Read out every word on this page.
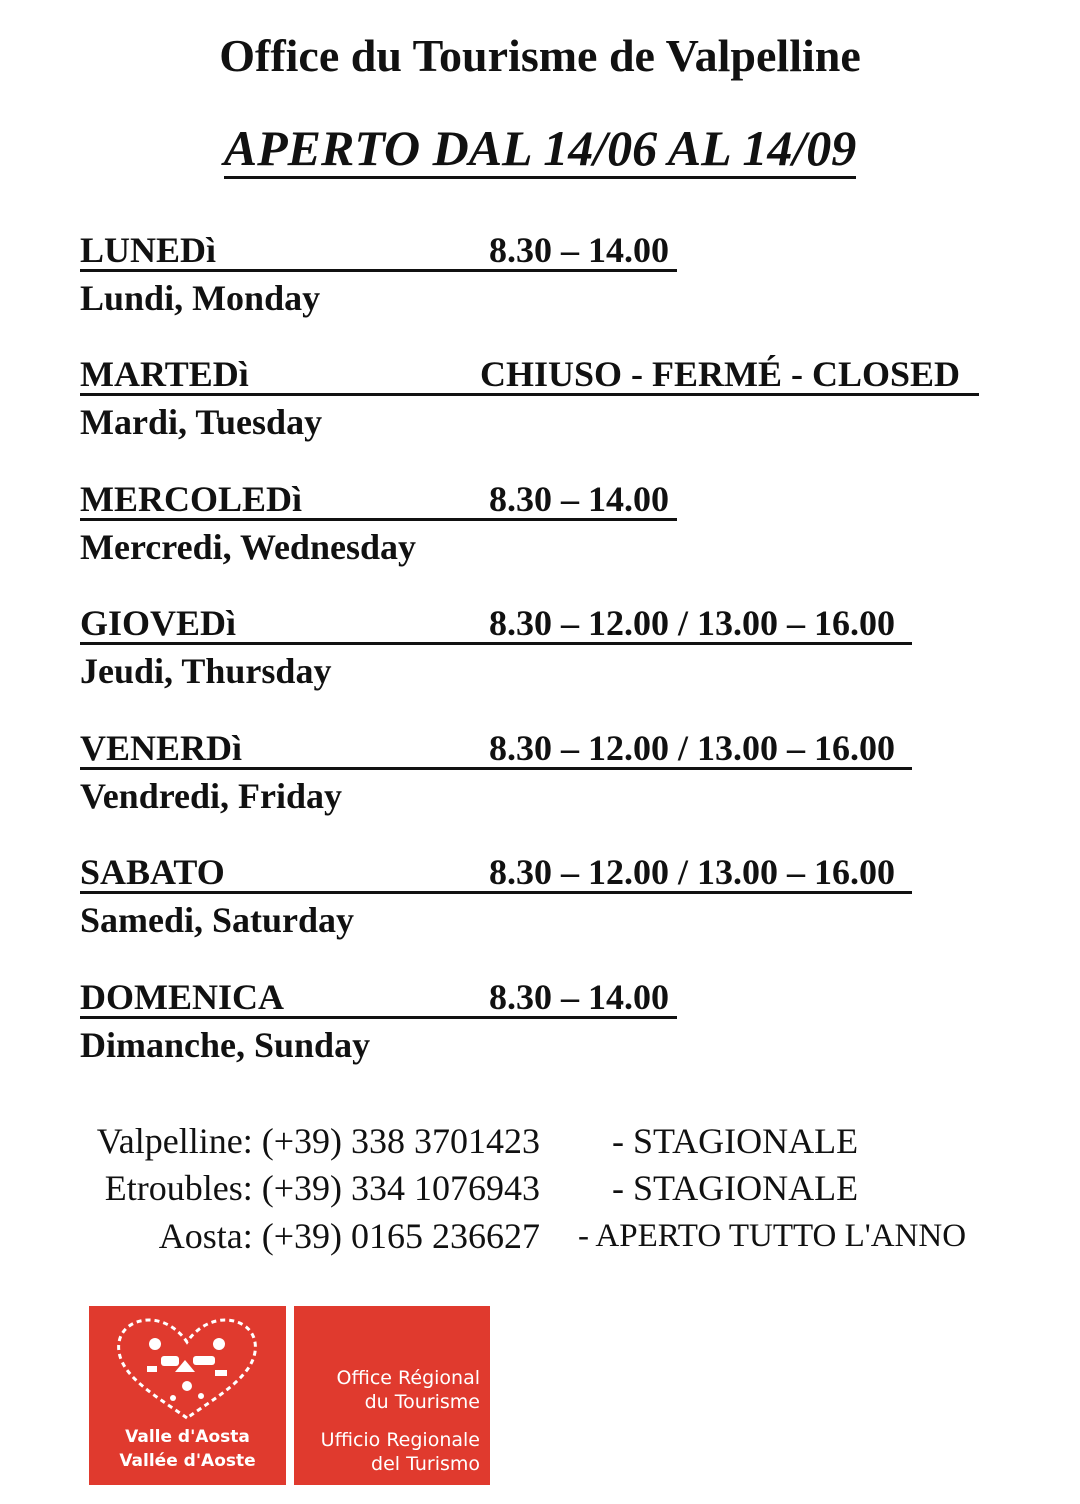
Office du Tourisme de Valpelline
APERTO DAL 14/06 AL 14/09
LUNEDì	8.30 – 14.00
Lundi, Monday
MARTEDì	CHIUSO - FERMÉ - CLOSED
Mardi, Tuesday
MERCOLEDì	8.30 – 14.00
Mercredi, Wednesday
GIOVEDì	8.30 – 12.00 / 13.00 – 16.00
Jeudi, Thursday
VENERDì	8.30 – 12.00 / 13.00 – 16.00
Vendredi, Friday
SABATO	8.30 – 12.00 / 13.00 – 16.00
Samedi, Saturday
DOMENICA	8.30 – 14.00
Dimanche, Sunday
Valpelline: (+39) 338 3701423 - STAGIONALE
Etroubles: (+39) 334 1076943 - STAGIONALE
Aosta: (+39) 0165 236627 - APERTO TUTTO L'ANNO
Valle d'Aosta
Vallée d'Aoste
Office Régional
du Tourisme
Ufficio Regionale
del Turismo
